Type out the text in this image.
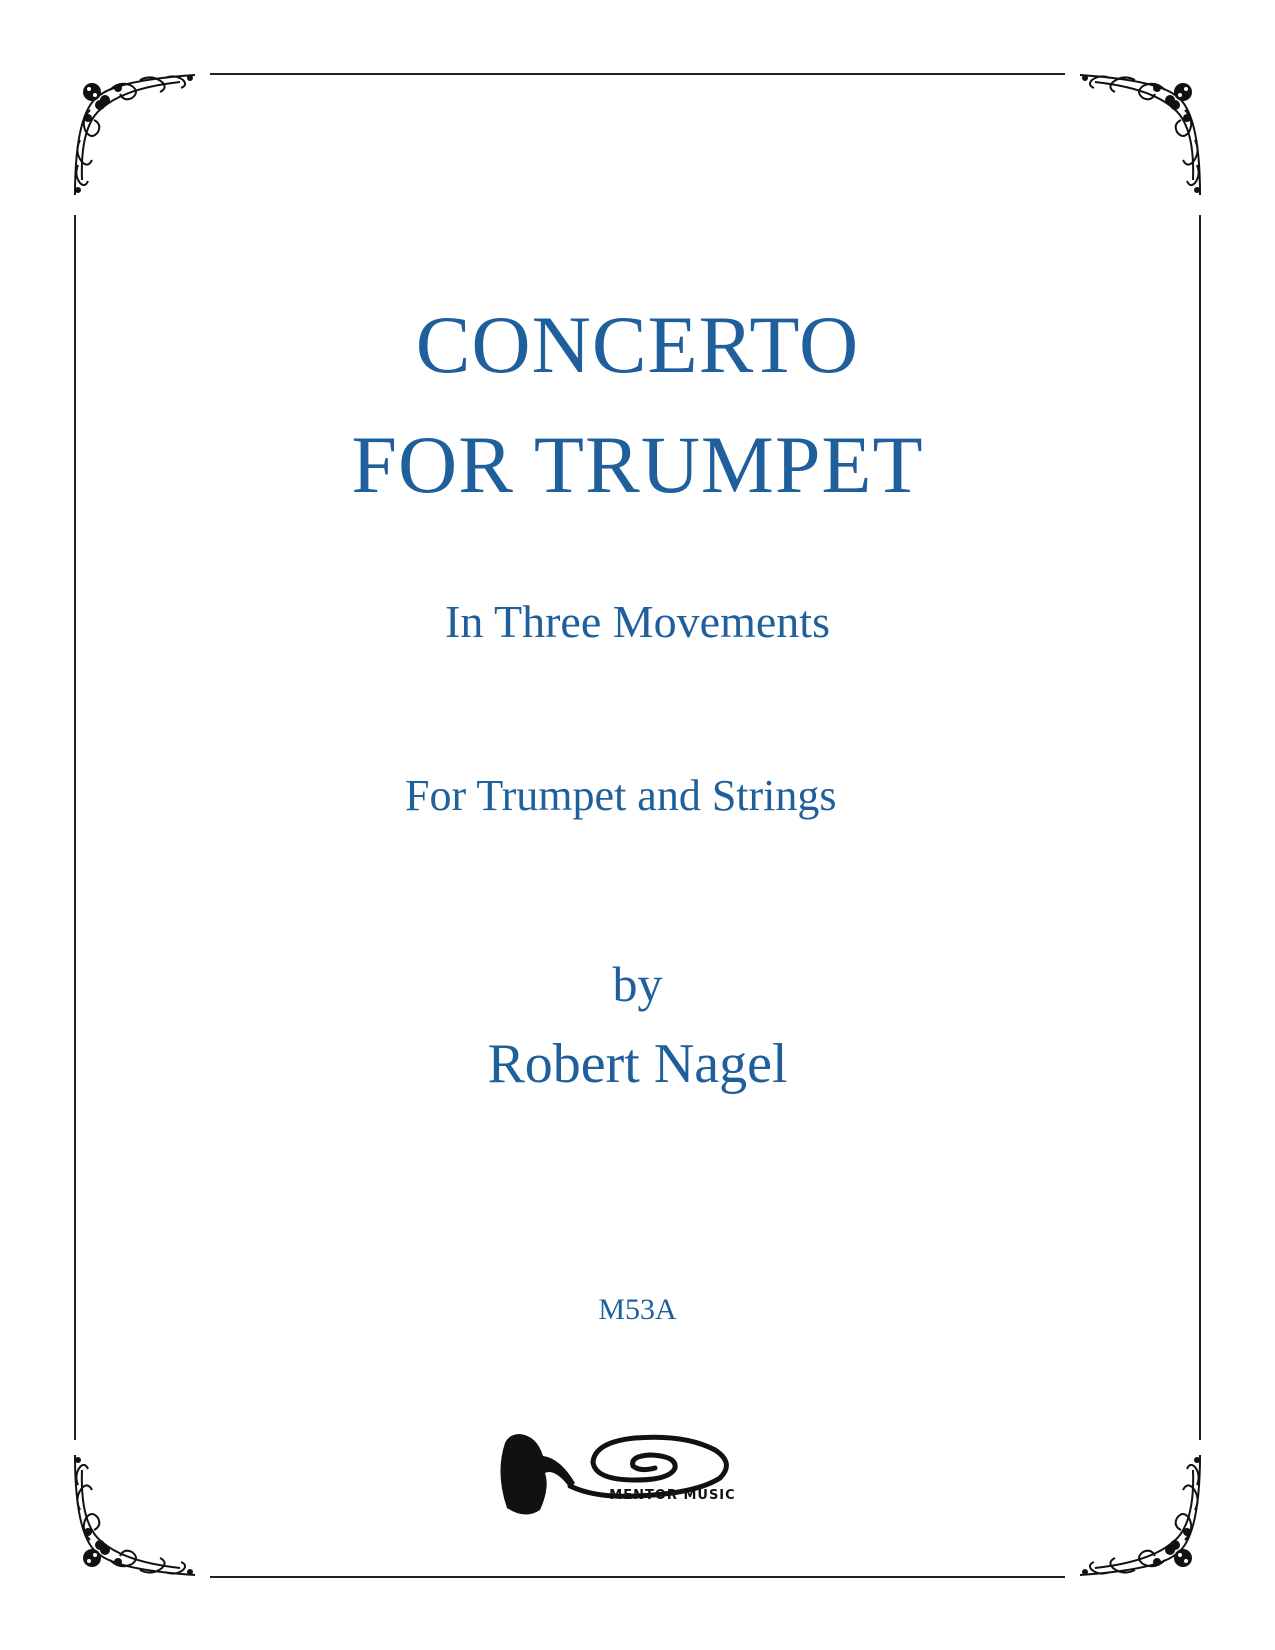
CONCERTO
FOR TRUMPET
In Three Movements
For Trumpet and Strings
by
Robert Nagel
M53A
MENTOR MUSIC
